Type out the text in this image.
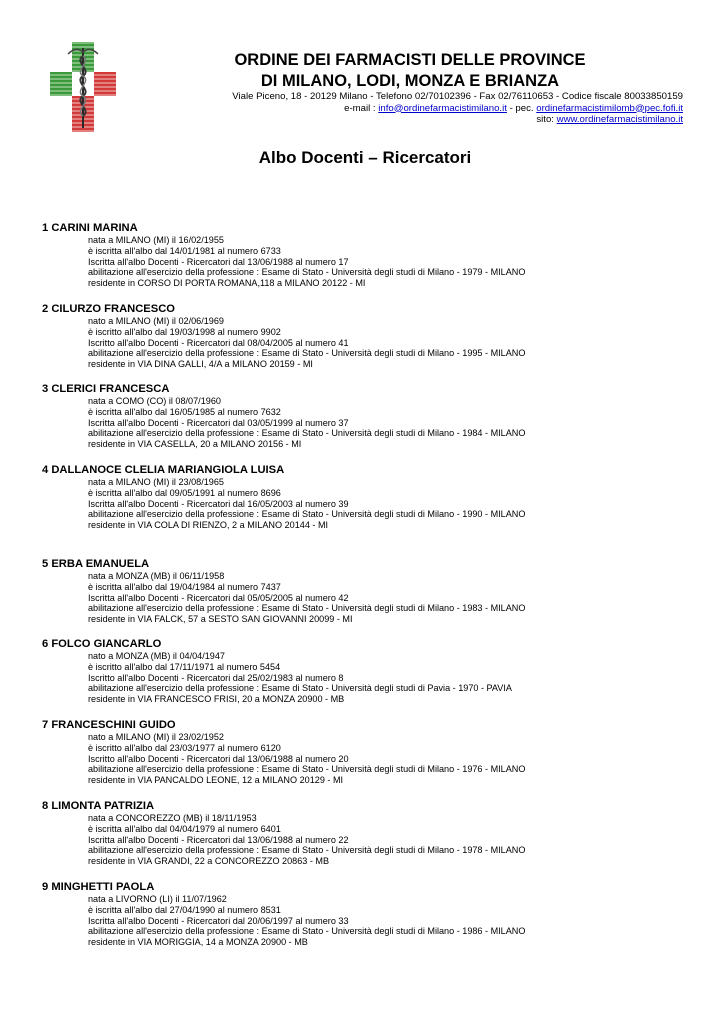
ORDINE DEI FARMACISTI DELLE PROVINCE

DI MILANO, LODI, MONZA E BRIANZA

Viale Piceno, 18 - 20129 Milano - Telefono 02/70102396 - Fax 02/76110653 - Codice fiscale 80033850159
e-mail : info@ordinefarmacistimilano.it - pec. ordinefarmacistimilomb@pec.fofi.it
sito: www.ordinefarmacistimilano.it
Albo Docenti – Ricercatori
1 CARINI MARINA
nata a MILANO (MI) il 16/02/1955
è iscritta all'albo dal 14/01/1981 al numero 6733
Iscritta all'albo Docenti - Ricercatori dal 13/06/1988 al numero 17
abilitazione all'esercizio della professione : Esame di Stato - Università degli studi di Milano - 1979 - MILANO
residente in CORSO DI PORTA ROMANA,118 a MILANO 20122 - MI
2 CILURZO FRANCESCO
nato a MILANO (MI) il 02/06/1969
è iscritto all'albo dal 19/03/1998 al numero 9902
Iscritto all'albo Docenti - Ricercatori dal 08/04/2005 al numero 41
abilitazione all'esercizio della professione : Esame di Stato - Università degli studi di Milano - 1995 - MILANO
residente in VIA DINA GALLI, 4/A a MILANO 20159 - MI
3 CLERICI FRANCESCA
nata a COMO (CO) il 08/07/1960
è iscritta all'albo dal 16/05/1985 al numero 7632
Iscritta all'albo Docenti - Ricercatori dal 03/05/1999 al numero 37
abilitazione all'esercizio della professione : Esame di Stato - Università degli studi di Milano - 1984 - MILANO
residente in VIA CASELLA, 20 a MILANO 20156 - MI
4 DALLANOCE CLELIA MARIANGIOLA LUISA
nata a MILANO (MI) il 23/08/1965
è iscritta all'albo dal 09/05/1991 al numero 8696
Iscritta all'albo Docenti - Ricercatori dal 16/05/2003 al numero 39
abilitazione all'esercizio della professione : Esame di Stato - Università degli studi di Milano - 1990 - MILANO
residente in VIA COLA DI RIENZO, 2 a MILANO 20144 - MI
5 ERBA EMANUELA
nata a MONZA (MB) il 06/11/1958
è iscritta all'albo dal 19/04/1984 al numero 7437
Iscritta all'albo Docenti - Ricercatori dal 05/05/2005 al numero 42
abilitazione all'esercizio della professione : Esame di Stato - Università degli studi di Milano - 1983 - MILANO
residente in VIA FALCK, 57 a SESTO SAN GIOVANNI 20099 - MI
6 FOLCO GIANCARLO
nato a MONZA (MB) il 04/04/1947
è iscritto all'albo dal 17/11/1971 al numero 5454
Iscritto all'albo Docenti - Ricercatori dal 25/02/1983 al numero 8
abilitazione all'esercizio della professione : Esame di Stato - Università degli studi di Pavia - 1970 - PAVIA
residente in VIA FRANCESCO FRISI, 20 a MONZA 20900 - MB
7 FRANCESCHINI GUIDO
nato a MILANO (MI) il 23/02/1952
è iscritto all'albo dal 23/03/1977 al numero 6120
Iscritto all'albo Docenti - Ricercatori dal 13/06/1988 al numero 20
abilitazione all'esercizio della professione : Esame di Stato - Università degli studi di Milano - 1976 - MILANO
residente in VIA PANCALDO LEONE, 12 a MILANO 20129 - MI
8 LIMONTA PATRIZIA
nata a CONCOREZZO (MB) il 18/11/1953
è iscritta all'albo dal 04/04/1979 al numero 6401
Iscritta all'albo Docenti - Ricercatori dal 13/06/1988 al numero 22
abilitazione all'esercizio della professione : Esame di Stato - Università degli studi di Milano - 1978 - MILANO
residente in VIA GRANDI, 22 a CONCOREZZO 20863 - MB
9 MINGHETTI PAOLA
nata a LIVORNO (LI) il 11/07/1962
è iscritta all'albo dal 27/04/1990 al numero 8531
Iscritta all'albo Docenti - Ricercatori dal 20/06/1997 al numero 33
abilitazione all'esercizio della professione : Esame di Stato - Università degli studi di Milano - 1986 - MILANO
residente in VIA MORIGGIA, 14 a MONZA 20900 - MB
